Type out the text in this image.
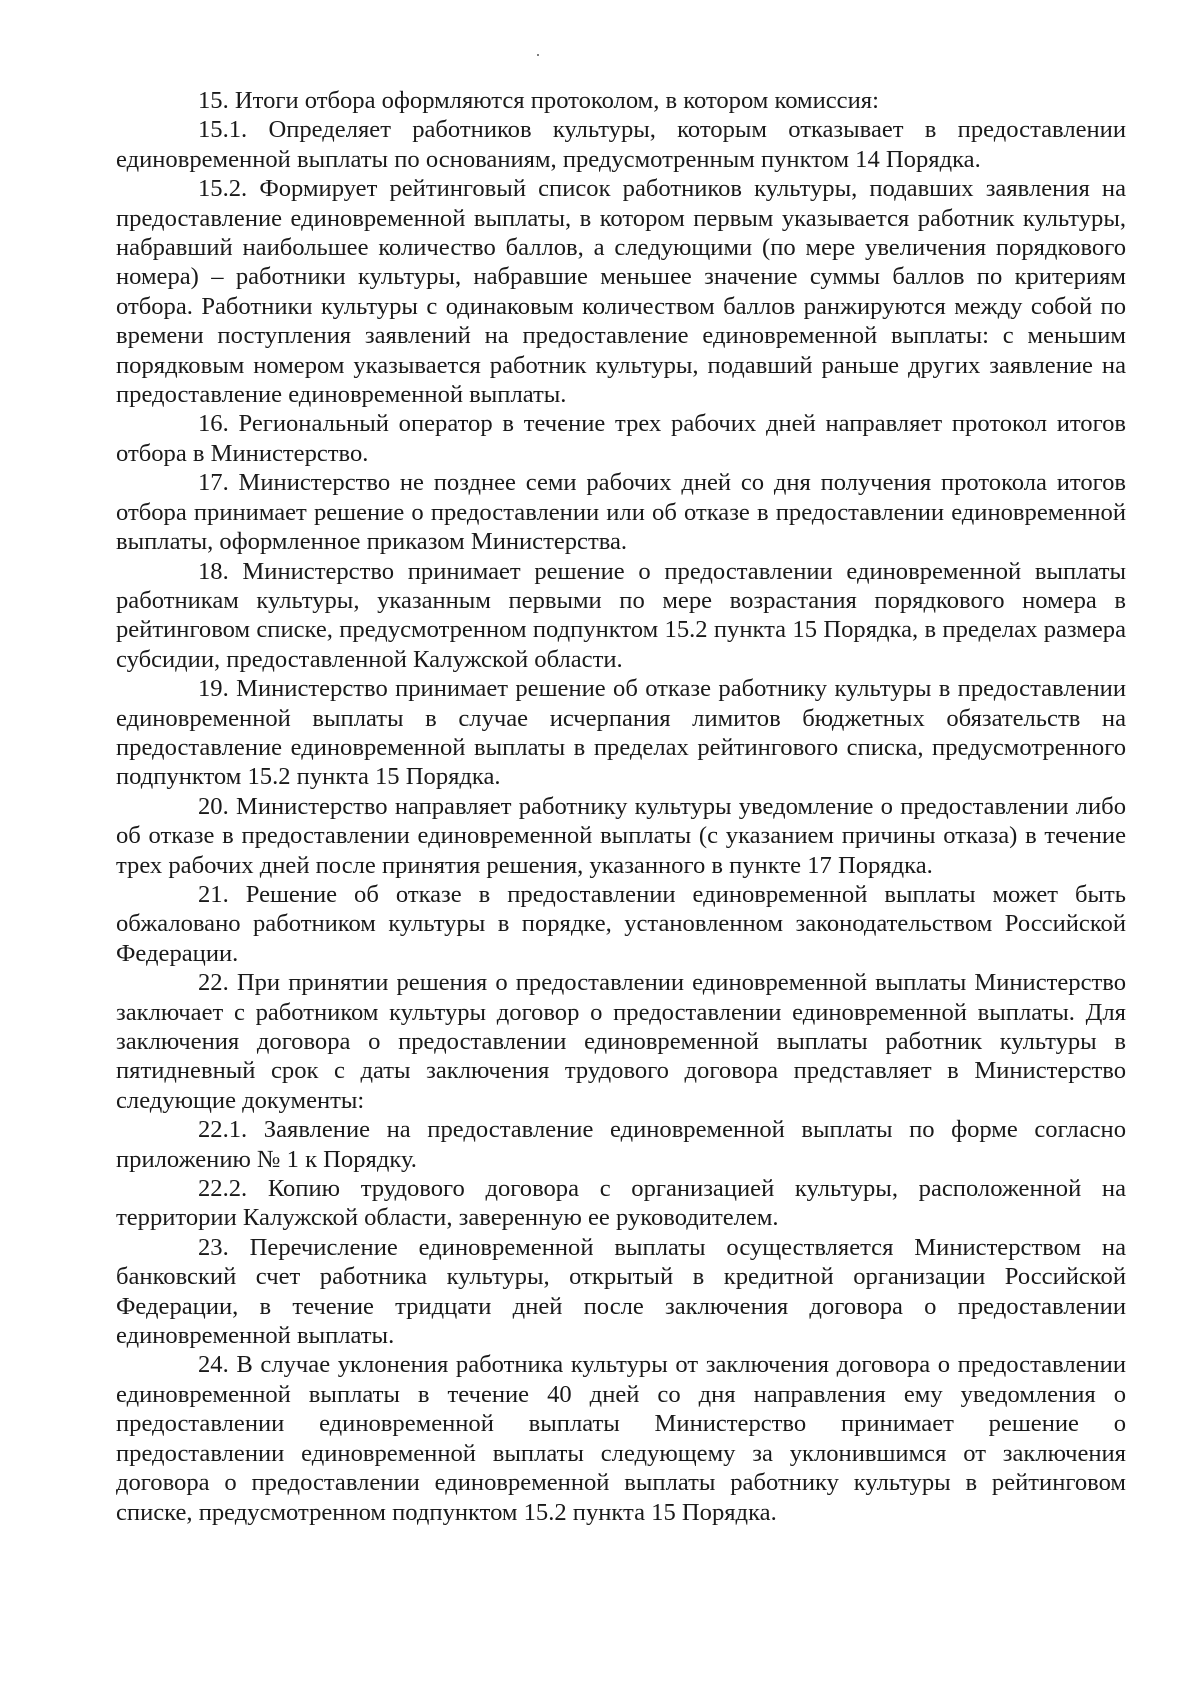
15. Итоги отбора оформляются протоколом, в котором комиссия:

15.1. Определяет работников культуры, которым отказывает в предоставлении единовременной выплаты по основаниям, предусмотренным пунктом 14 Порядка.

15.2. Формирует рейтинговый список работников культуры, подавших заявления на предоставление единовременной выплаты, в котором первым указывается работник культуры, набравший наибольшее количество баллов, а следующими (по мере увеличения порядкового номера) – работники культуры, набравшие меньшее значение суммы баллов по критериям отбора. Работники культуры с одинаковым количеством баллов ранжируются между собой по времени поступления заявлений на предоставление единовременной выплаты: с меньшим порядковым номером указывается работник культуры, подавший раньше других заявление на предоставление единовременной выплаты.

16. Региональный оператор в течение трех рабочих дней направляет протокол итогов отбора в Министерство.

17. Министерство не позднее семи рабочих дней со дня получения протокола итогов отбора принимает решение о предоставлении или об отказе в предоставлении единовременной выплаты, оформленное приказом Министерства.

18. Министерство принимает решение о предоставлении единовременной выплаты работникам культуры, указанным первыми по мере возрастания порядкового номера в рейтинговом списке, предусмотренном подпунктом 15.2 пункта 15 Порядка, в пределах размера субсидии, предоставленной Калужской области.

19. Министерство принимает решение об отказе работнику культуры в предоставлении единовременной выплаты в случае исчерпания лимитов бюджетных обязательств на предоставление единовременной выплаты в пределах рейтингового списка, предусмотренного подпунктом 15.2 пункта 15 Порядка.

20. Министерство направляет работнику культуры уведомление о предоставлении либо об отказе в предоставлении единовременной выплаты (с указанием причины отказа) в течение трех рабочих дней после принятия решения, указанного в пункте 17 Порядка.

21. Решение об отказе в предоставлении единовременной выплаты может быть обжаловано работником культуры в порядке, установленном законодательством Российской Федерации.

22. При принятии решения о предоставлении единовременной выплаты Министерство заключает с работником культуры договор о предоставлении единовременной выплаты. Для заключения договора о предоставлении единовременной выплаты работник культуры в пятидневный срок с даты заключения трудового договора представляет в Министерство следующие документы:

22.1. Заявление на предоставление единовременной выплаты по форме согласно приложению № 1 к Порядку.

22.2. Копию трудового договора с организацией культуры, расположенной на территории Калужской области, заверенную ее руководителем.

23. Перечисление единовременной выплаты осуществляется Министерством на банковский счет работника культуры, открытый в кредитной организации Российской Федерации, в течение тридцати дней после заключения договора о предоставлении единовременной выплаты.

24. В случае уклонения работника культуры от заключения договора о предоставлении единовременной выплаты в течение 40 дней со дня направления ему уведомления о предоставлении единовременной выплаты Министерство принимает решение о предоставлении единовременной выплаты следующему за уклонившимся от заключения договора о предоставлении единовременной выплаты работнику культуры в рейтинговом списке, предусмотренном подпунктом 15.2 пункта 15 Порядка.
